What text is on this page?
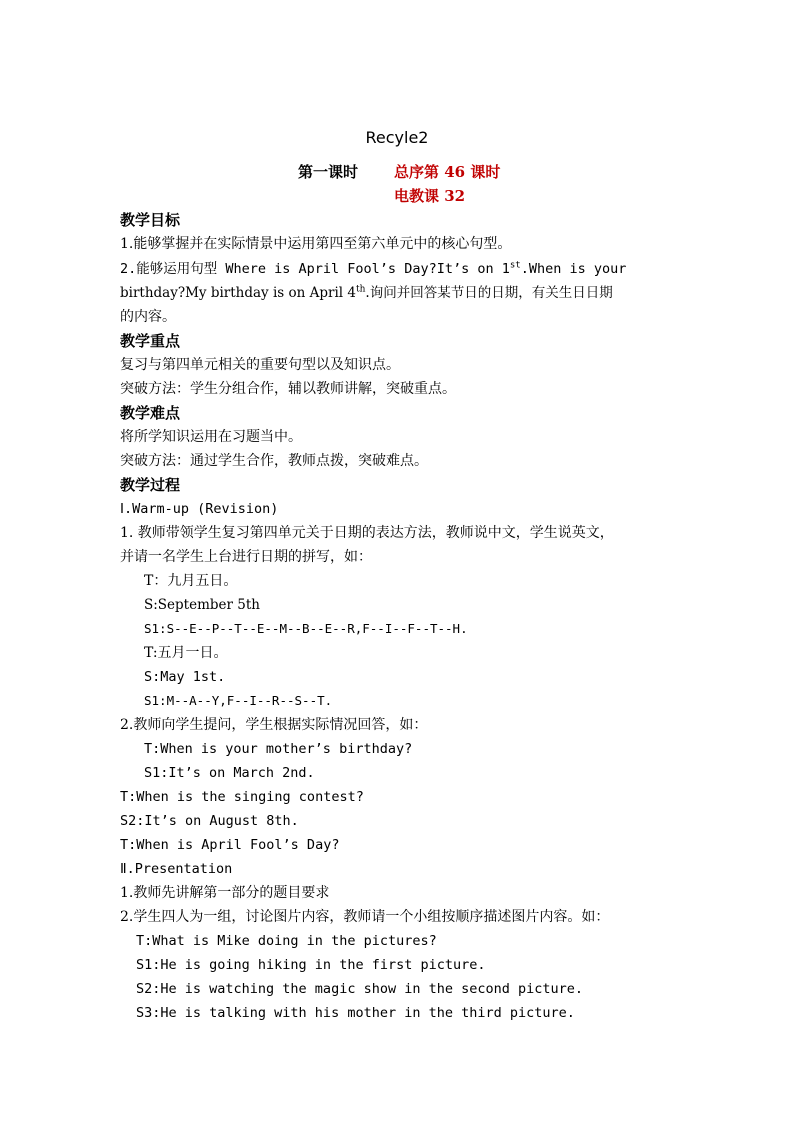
Recyle2
第一课时 总序第 46 课时
电教课 32
教学目标
1.能够掌握并在实际情景中运用第四至第六单元中的核心句型。
2.能够运用句型 Where is April Fool’s Day?It’s on 1st.When is your
birthday?My birthday is on April 4th.询问并回答某节日的日期，有关生日日期
的内容。
教学重点
复习与第四单元相关的重要句型以及知识点。
突破方法：学生分组合作，辅以教师讲解，突破重点。
教学难点
将所学知识运用在习题当中。
突破方法：通过学生合作，教师点拨，突破难点。
教学过程
Ⅰ.Warm-up (Revision)
1. 教师带领学生复习第四单元关于日期的表达方法，教师说中文，学生说英文，
并请一名学生上台进行日期的拼写，如：
T：九月五日。
S:September 5th
S1:S--E--P--T--E--M--B--E--R,F--I--F--T--H.
T:五月一日。
S:May 1st.
S1:M--A--Y,F--I--R--S--T.
2.教师向学生提问，学生根据实际情况回答，如：
T:When is your mother’s birthday?
S1:It’s on March 2nd.
T:When is the singing contest?
S2:It’s on August 8th.
T:When is April Fool’s Day?
Ⅱ.Presentation
1.教师先讲解第一部分的题目要求
2.学生四人为一组，讨论图片内容，教师请一个小组按顺序描述图片内容。如：
T:What is Mike doing in the pictures?
S1:He is going hiking in the first picture.
S2:He is watching the magic show in the second picture.
S3:He is talking with his mother in the third picture.
